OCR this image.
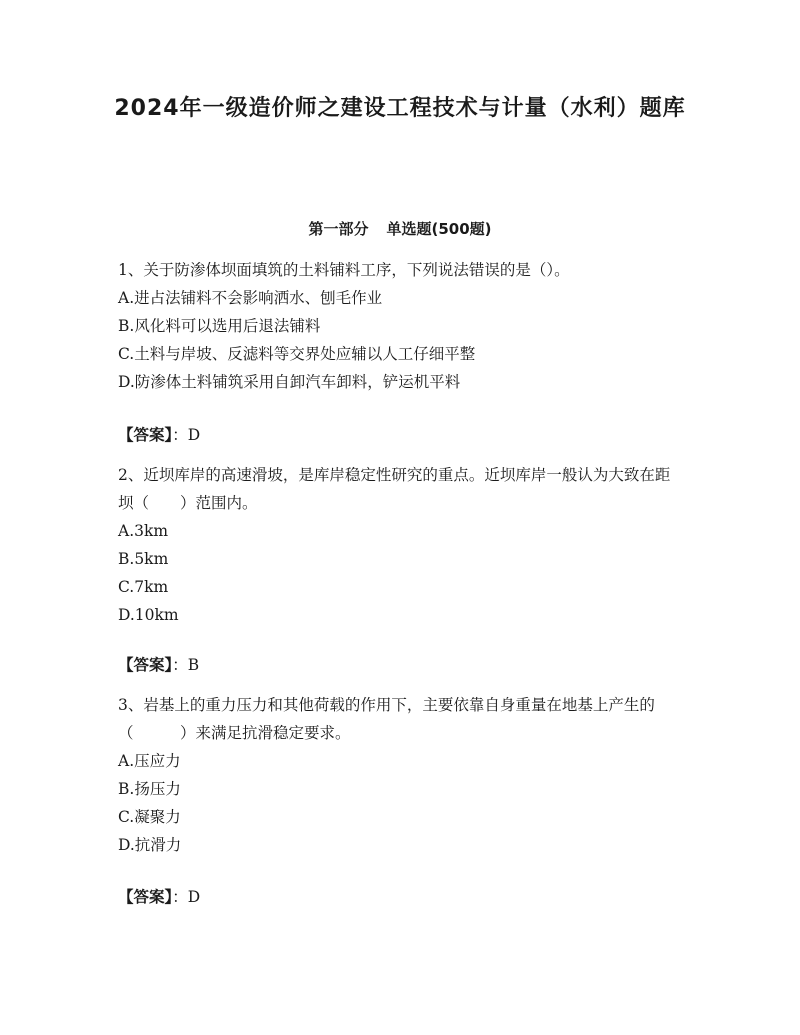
2024年一级造价师之建设工程技术与计量（水利）题库
第一部分 单选题(500题)

1、关于防渗体坝面填筑的土料铺料工序，下列说法错误的是（）。

A.进占法铺料不会影响洒水、刨毛作业

B.风化料可以选用后退法铺料

C.土料与岸坡、反滤料等交界处应辅以人工仔细平整

D.防渗体土料铺筑采用自卸汽车卸料，铲运机平料

【答案】：D

2、近坝库岸的高速滑坡，是库岸稳定性研究的重点。近坝库岸一般认为大致在距坝（　　）范围内。

A.3km

B.5km

C.7km

D.10km

【答案】：B

3、岩基上的重力压力和其他荷载的作用下，主要依靠自身重量在地基上产生的（　　　）来满足抗滑稳定要求。

A.压应力

B.扬压力

C.凝聚力

D.抗滑力

【答案】：D
